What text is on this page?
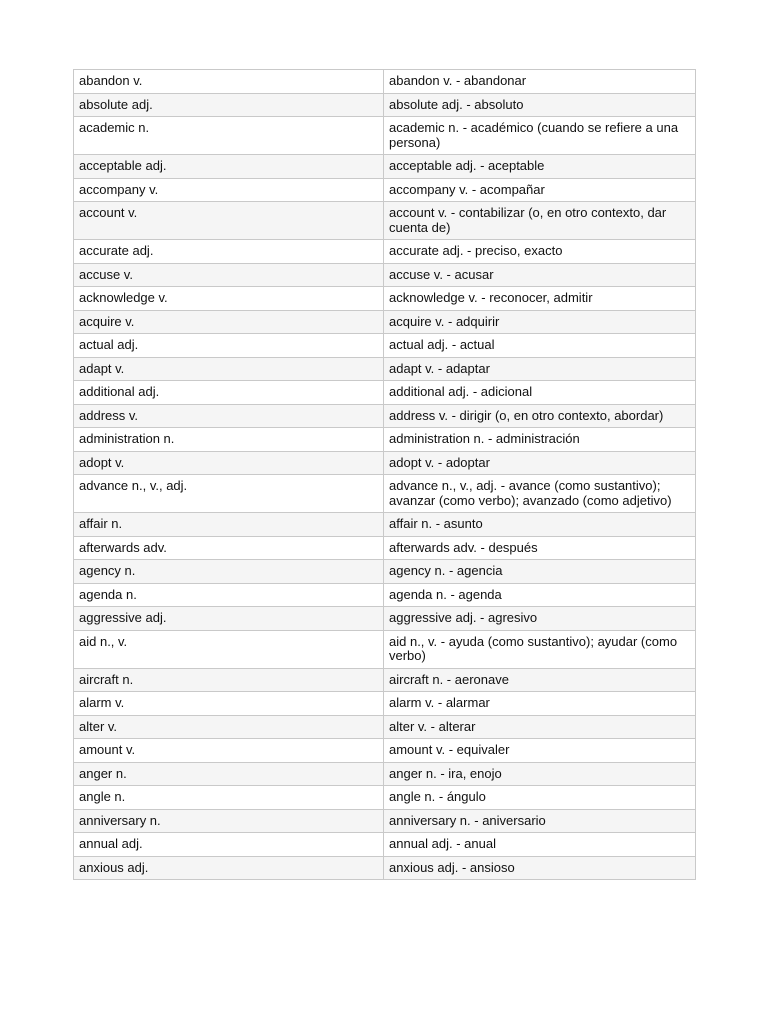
abandon v.	abandon v. - abandonar
absolute adj.	absolute adj. - absoluto
academic n.	academic n. - académico (cuando se refiere a una persona)
acceptable adj.	acceptable adj. - aceptable
accompany v.	accompany v. - acompañar
account v.	account v. - contabilizar (o, en otro contexto, dar cuenta de)
accurate adj.	accurate adj. - preciso, exacto
accuse v.	accuse v. - acusar
acknowledge v.	acknowledge v. - reconocer, admitir
acquire v.	acquire v. - adquirir
actual adj.	actual adj. - actual
adapt v.	adapt v. - adaptar
additional adj.	additional adj. - adicional
address v.	address v. - dirigir (o, en otro contexto, abordar)
administration n.	administration n. - administración
adopt v.	adopt v. - adoptar
advance n., v., adj.	advance n., v., adj. - avance (como sustantivo); avanzar (como verbo); avanzado (como adjetivo)
affair n.	affair n. - asunto
afterwards adv.	afterwards adv. - después
agency n.	agency n. - agencia
agenda n.	agenda n. - agenda
aggressive adj.	aggressive adj. - agresivo
aid n., v.	aid n., v. - ayuda (como sustantivo); ayudar (como verbo)
aircraft n.	aircraft n. - aeronave
alarm v.	alarm v. - alarmar
alter v.	alter v. - alterar
amount v.	amount v. - equivaler
anger n.	anger n. - ira, enojo
angle n.	angle n. - ángulo
anniversary n.	anniversary n. - aniversario
annual adj.	annual adj. - anual
anxious adj.	anxious adj. - ansioso
